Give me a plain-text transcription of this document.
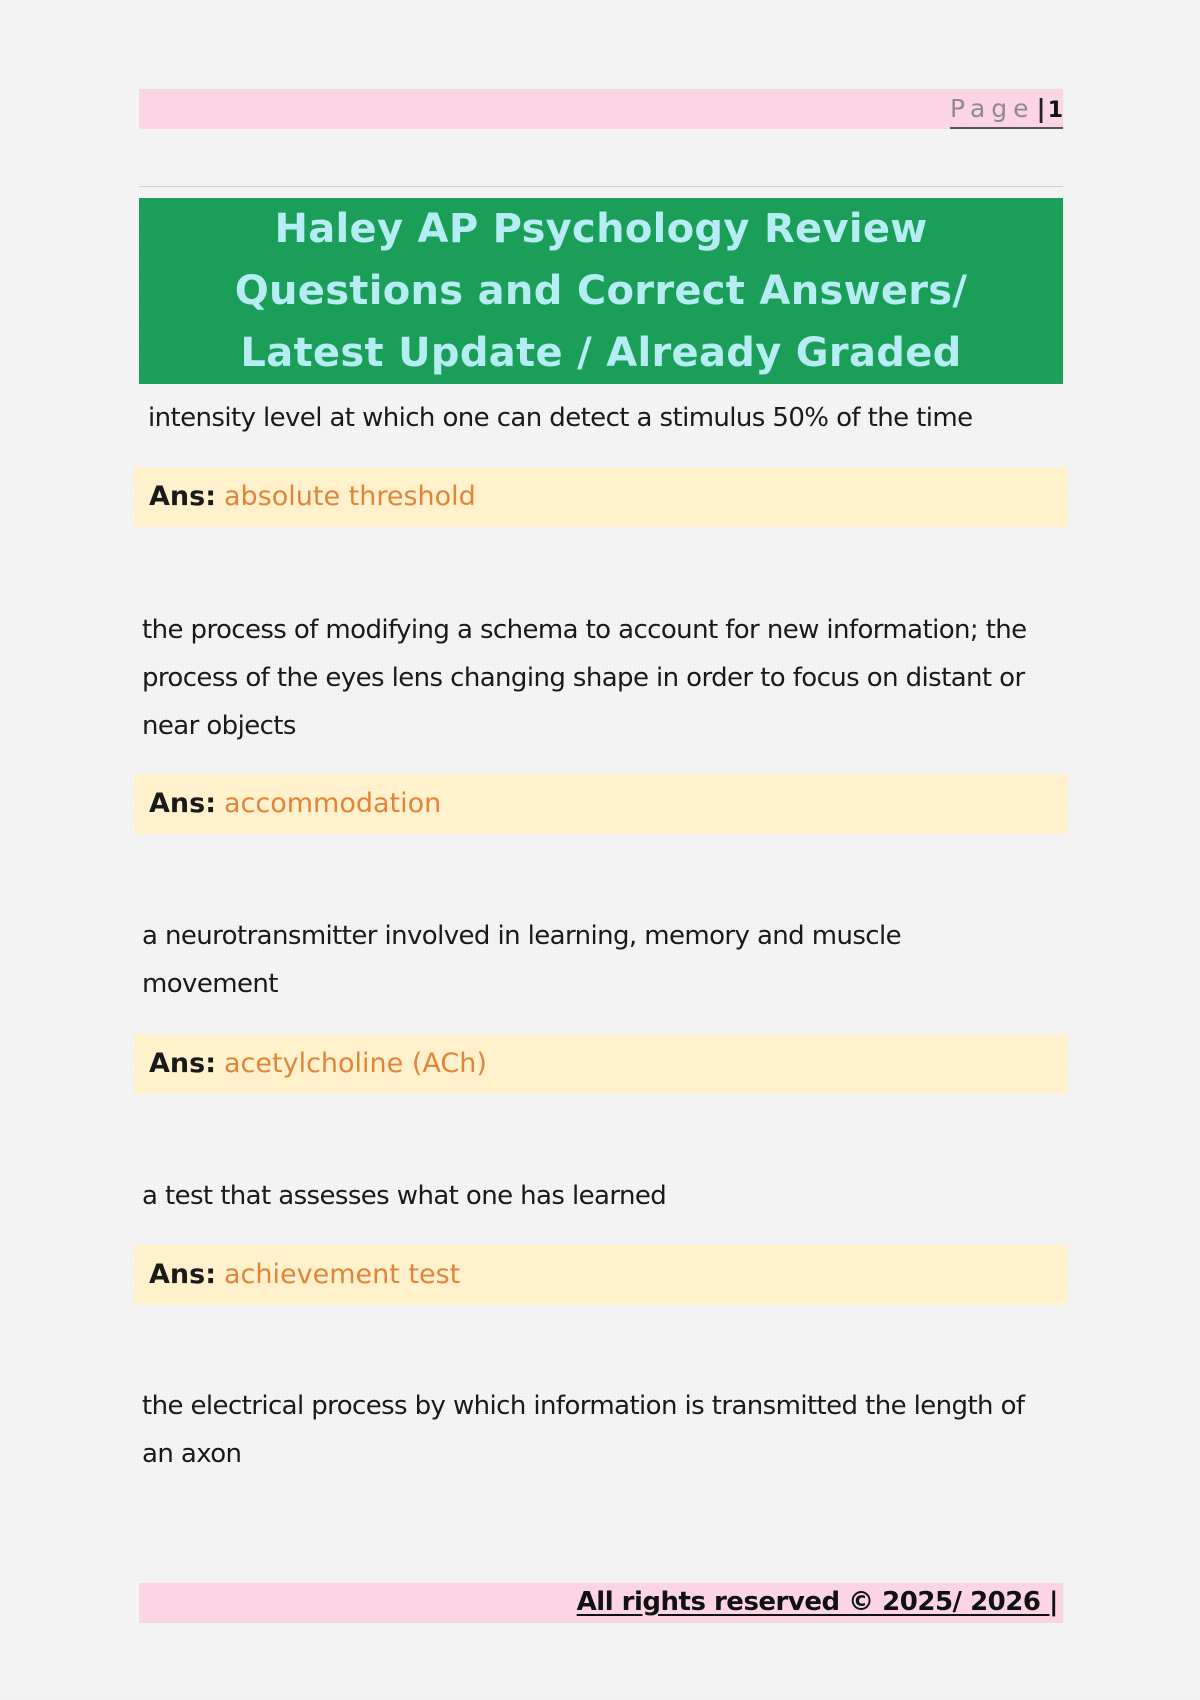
Page|1
Haley AP Psychology Review Questions and Correct Answers/ Latest Update / Already Graded
intensity level at which one can detect a stimulus 50% of the time
Ans: absolute threshold
the process of modifying a schema to account for new information; the process of the eyes lens changing shape in order to focus on distant or near objects
Ans: accommodation
a neurotransmitter involved in learning, memory and muscle movement
Ans: acetylcholine (ACh)
a test that assesses what one has learned
Ans: achievement test
the electrical process by which information is transmitted the length of an axon
All rights reserved © 2025/ 2026 |
